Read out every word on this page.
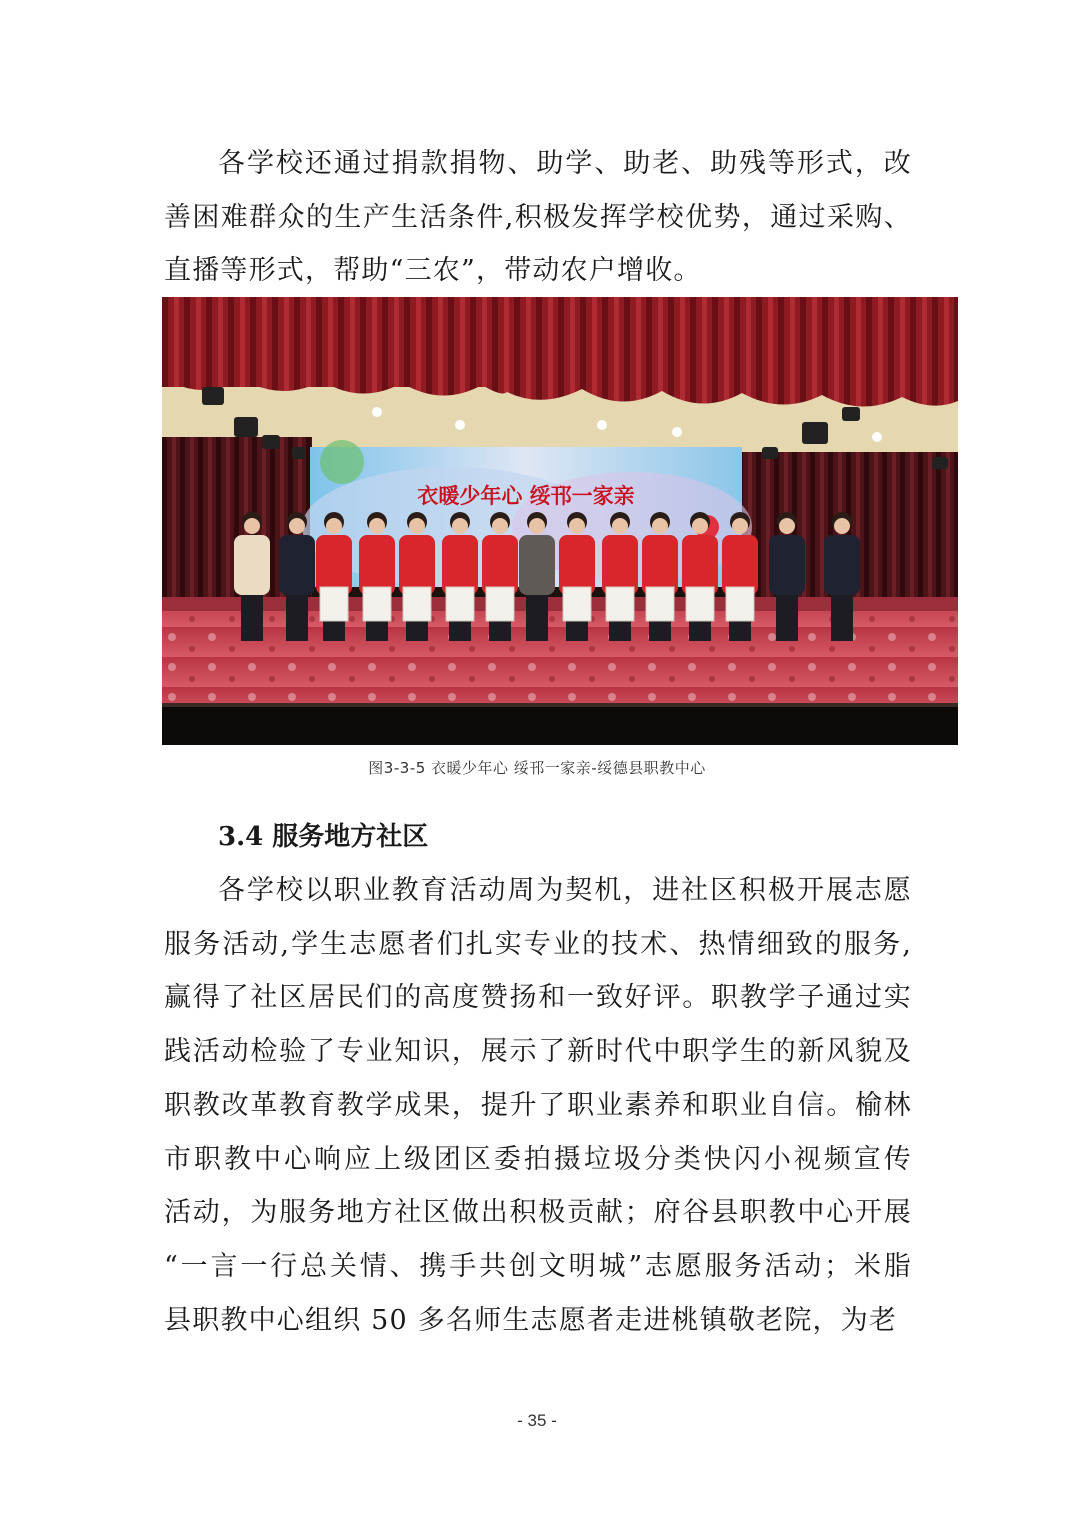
各学校还通过捐款捐物、助学、助老、助残等形式，改
善困难群众的生产生活条件,积极发挥学校优势，通过采购、
直播等形式，帮助“三农”，带动农户增收。

衣暖少年心 绥邗一家亲
图3-3-5 衣暖少年心 绥邗一家亲-绥德县职教中心
3.4 服务地方社区

各学校以职业教育活动周为契机，进社区积极开展志愿
服务活动,学生志愿者们扎实专业的技术、热情细致的服务,
赢得了社区居民们的高度赞扬和一致好评。职教学子通过实
践活动检验了专业知识，展示了新时代中职学生的新风貌及
职教改革教育教学成果，提升了职业素养和职业自信。榆林
市职教中心响应上级团区委拍摄垃圾分类快闪小视频宣传
活动，为服务地方社区做出积极贡献；府谷县职教中心开展
“一言一行总关情、携手共创文明城”志愿服务活动；米脂
县职教中心组织 50 多名师生志愿者走进桃镇敬老院，为老

- 35 -
